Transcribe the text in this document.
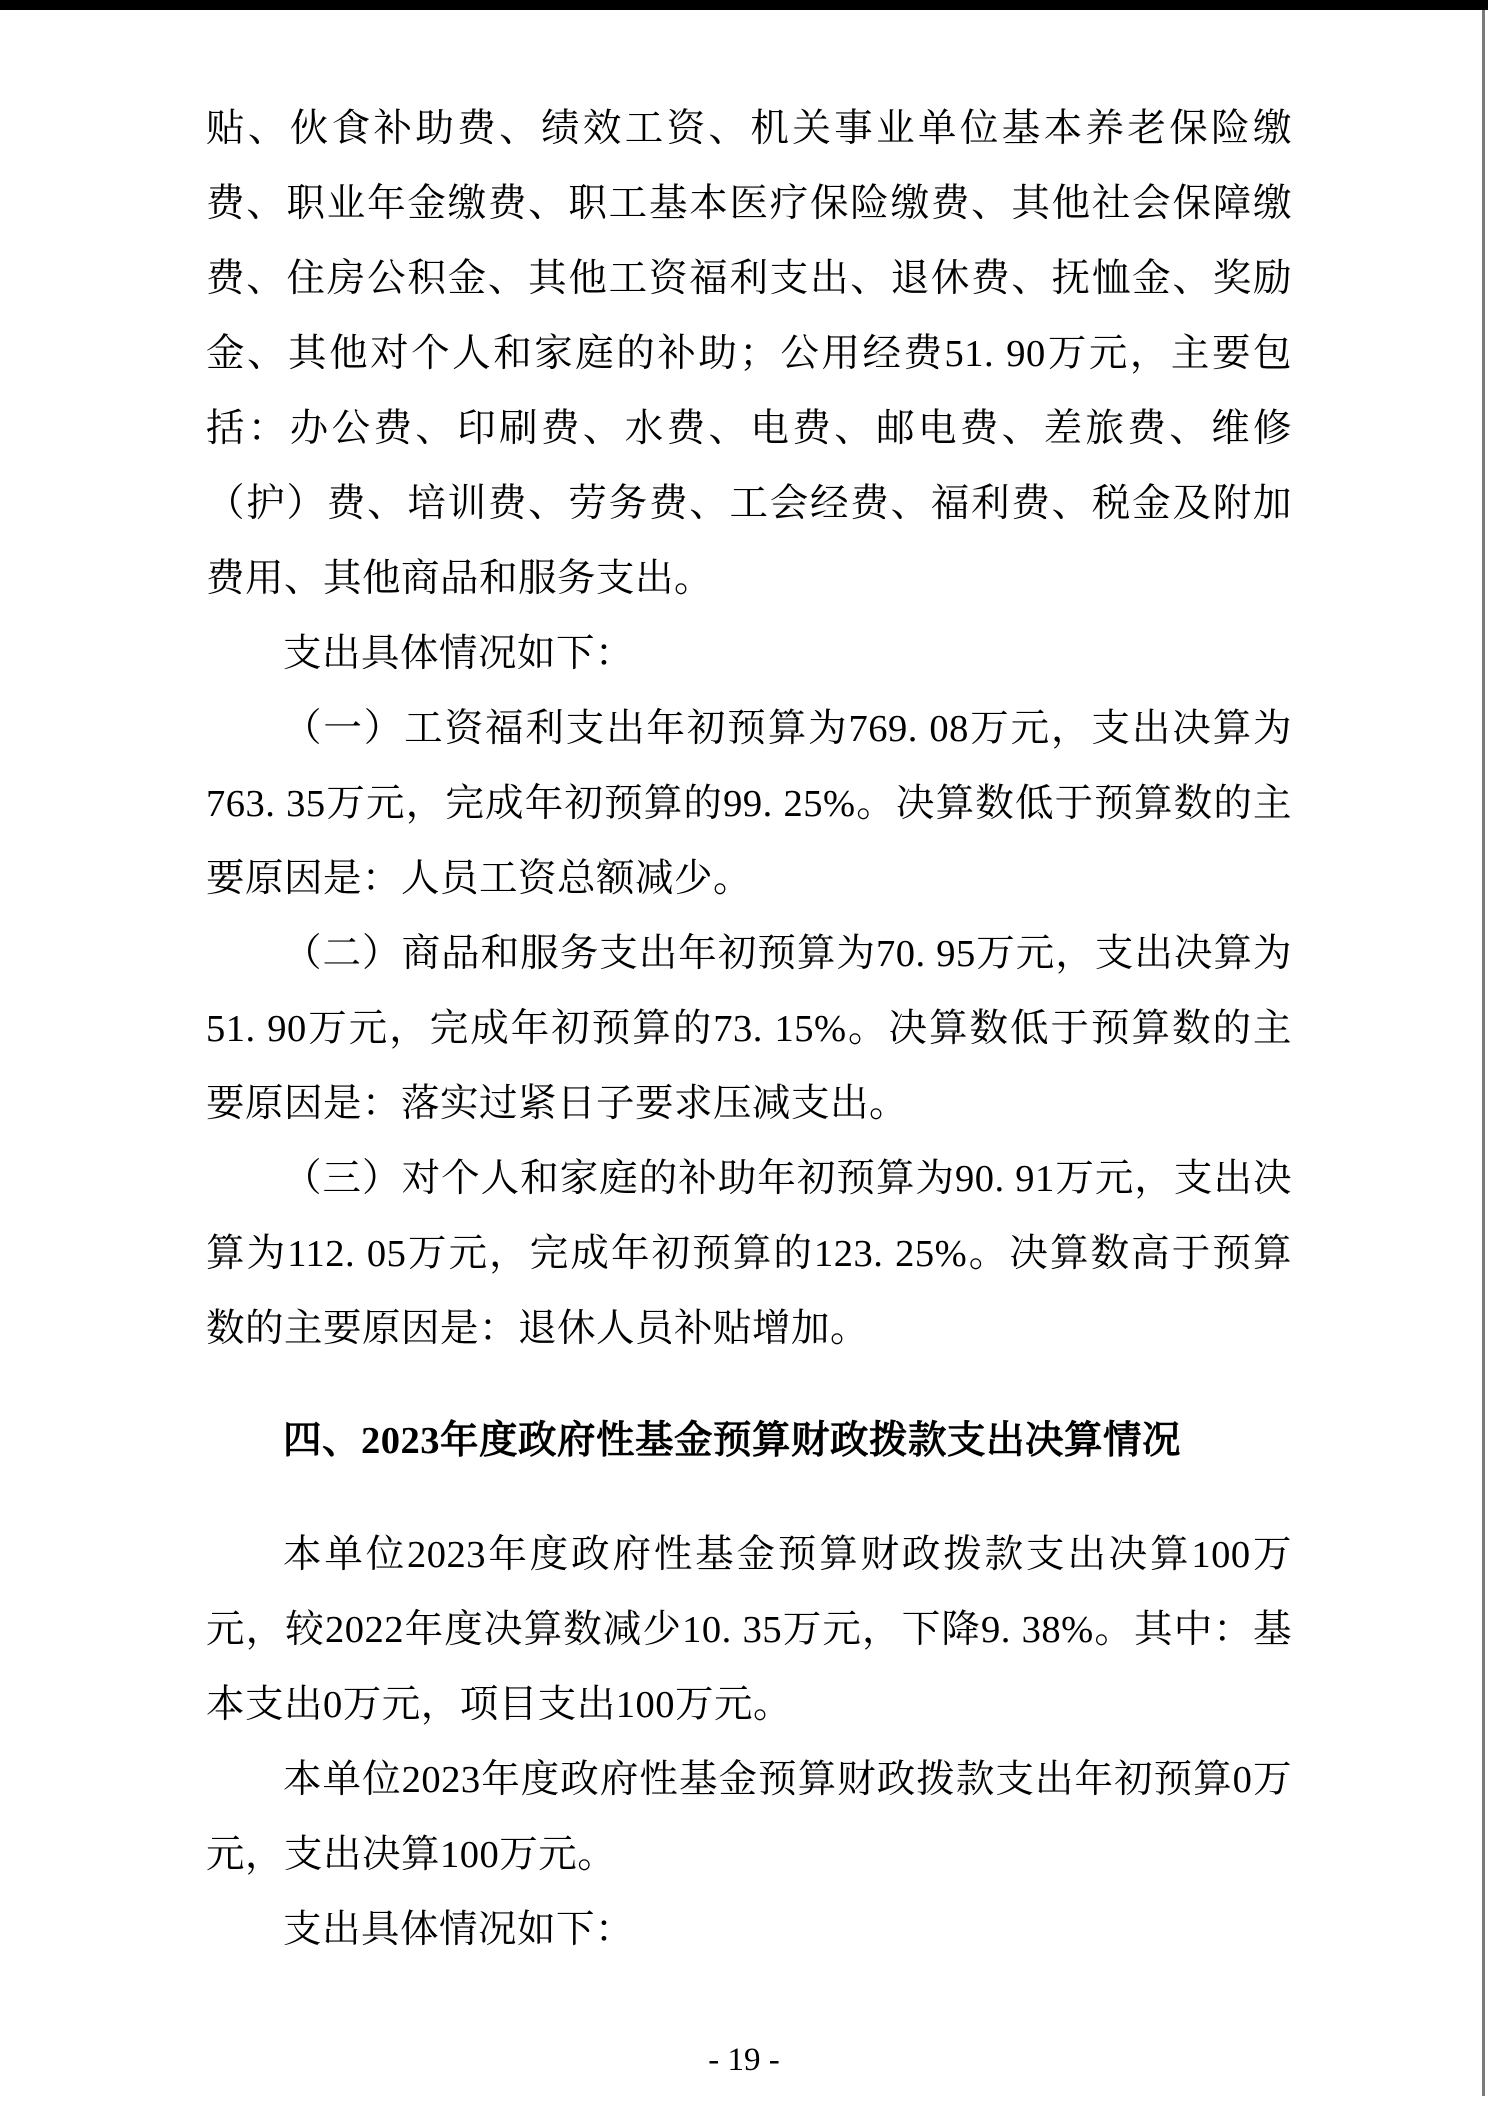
贴、伙食补助费、绩效工资、机关事业单位基本养老保险缴费、职业年金缴费、职工基本医疗保险缴费、其他社会保障缴费、住房公积金、其他工资福利支出、退休费、抚恤金、奖励金、其他对个人和家庭的补助；公用经费51. 90万元，主要包括：办公费、印刷费、水费、电费、邮电费、差旅费、维修（护）费、培训费、劳务费、工会经费、福利费、税金及附加费用、其他商品和服务支出。

支出具体情况如下：

（一）工资福利支出年初预算为769. 08万元，支出决算为763. 35万元，完成年初预算的99. 25%。决算数低于预算数的主要原因是：人员工资总额减少。

（二）商品和服务支出年初预算为70. 95万元，支出决算为51. 90万元，完成年初预算的73. 15%。决算数低于预算数的主要原因是：落实过紧日子要求压减支出。

（三）对个人和家庭的补助年初预算为90. 91万元，支出决算为112. 05万元，完成年初预算的123. 25%。决算数高于预算数的主要原因是：退休人员补贴增加。

四、2023年度政府性基金预算财政拨款支出决算情况

本单位2023年度政府性基金预算财政拨款支出决算100万元，较2022年度决算数减少10. 35万元，下降9. 38%。其中：基本支出0万元，项目支出100万元。

本单位2023年度政府性基金预算财政拨款支出年初预算0万元，支出决算100万元。

支出具体情况如下：

- 19 -
